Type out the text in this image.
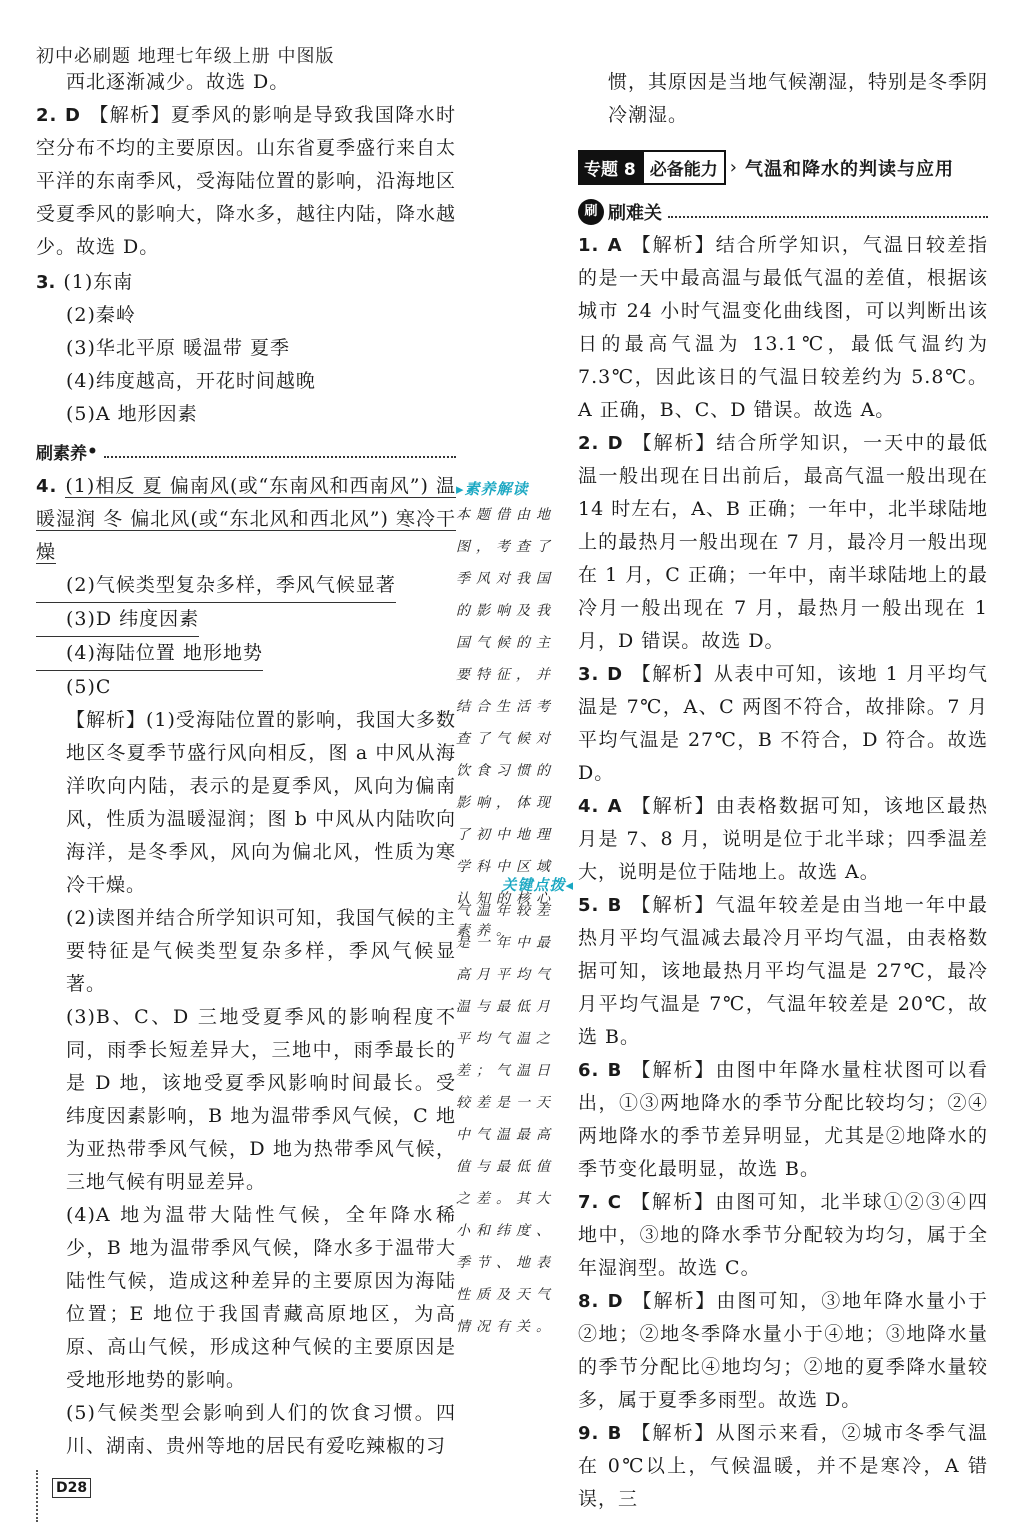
初中必刷题 地理七年级上册 中图版

西北逐渐减少。故选 D。

2. D 【解析】夏季风的影响是导致我国降水时空分布不均的主要原因。山东省夏季盛行来自太平洋的东南季风，受海陆位置的影响，沿海地区受夏季风的影响大，降水多，越往内陆，降水越少。故选 D。

3. (1)东南
(2)秦岭
(3)华北平原 暖温带 夏季
(4)纬度越高，开花时间越晚
(5)A 地形因素
刷素养 •

4. (1)相反 夏 偏南风(或“东南风和西南风”) 温暖湿润 冬 偏北风(或“东北风和西北风”) 寒冷干燥

(2)气候类型复杂多样，季风气候显著
(3)D 纬度因素
(4)海陆位置 地形地势
(5)C

【解析】(1)受海陆位置的影响，我国大多数地区冬夏季节盛行风向相反，图 a 中风从海洋吹向内陆，表示的是夏季风，风向为偏南风，性质为温暖湿润；图 b 中风从内陆吹向海洋，是冬季风，风向为偏北风，性质为寒冷干燥。

(2)读图并结合所学知识可知，我国气候的主要特征是气候类型复杂多样，季风气候显著。

(3)B、C、D 三地受夏季风的影响程度不同，雨季长短差异大，三地中，雨季最长的是 D 地，该地受夏季风影响时间最长。受纬度因素影响，B 地为温带季风气候，C 地为亚热带季风气候，D 地为热带季风气候，三地气候有明显差异。

(4)A 地为温带大陆性气候，全年降水稀少，B 地为温带季风气候，降水多于温带大陆性气候，造成这种差异的主要原因为海陆位置；E 地位于我国青藏高原地区，为高原、高山气候，形成这种气候的主要原因是受地形地势的影响。

(5)气候类型会影响到人们的饮食习惯。四川、湖南、贵州等地的居民有爱吃辣椒的习

▸素养解读

本题借由地图，考查了季风对我国的影响及我国气候的主要特征，并结合生活考查了气候对饮食习惯的影响，体现了初中地理学科中区域认知的核心素养。

关键点拨◂

气温年较差是一年中最高月平均气温与最低月平均气温之差；气温日较差是一天中气温最高值与最低值之差。其大小和纬度、季节、地表性质及天气情况有关。

惯，其原因是当地气候潮湿，特别是冬季阴冷潮湿。

专题 8 必备能力 › 气温和降水的判读与应用
刷 刷难关

1. A 【解析】结合所学知识，气温日较差指的是一天中最高温与最低气温的差值，根据该城市 24 小时气温变化曲线图，可以判断出该日的最高气温为 13.1℃，最低气温约为 7.3℃，因此该日的气温日较差约为 5.8℃。A 正确，B、C、D 错误。故选 A。

2. D 【解析】结合所学知识，一天中的最低温一般出现在日出前后，最高气温一般出现在 14 时左右，A、B 正确；一年中，北半球陆地上的最热月一般出现在 7 月，最冷月一般出现在 1 月，C 正确；一年中，南半球陆地上的最冷月一般出现在 7 月，最热月一般出现在 1 月，D 错误。故选 D。

3. D 【解析】从表中可知，该地 1 月平均气温是 7℃，A、C 两图不符合，故排除。7 月平均气温是 27℃，B 不符合，D 符合。故选 D。

4. A 【解析】由表格数据可知，该地区最热月是 7、8 月，说明是位于北半球；四季温差大，说明是位于陆地上。故选 A。

5. B 【解析】气温年较差是由当地一年中最热月平均气温减去最冷月平均气温，由表格数据可知，该地最热月平均气温是 27℃，最冷月平均气温是 7℃，气温年较差是 20℃，故选 B。

6. B 【解析】由图中年降水量柱状图可以看出，①③两地降水的季节分配比较均匀；②④两地降水的季节差异明显，尤其是②地降水的季节变化最明显，故选 B。

7. C 【解析】由图可知，北半球①②③④四地中，③地的降水季节分配较为均匀，属于全年湿润型。故选 C。

8. D 【解析】由图可知，③地年降水量小于②地；②地冬季降水量小于④地；③地降水量的季节分配比④地均匀；②地的夏季降水量较多，属于夏季多雨型。故选 D。

9. B 【解析】从图示来看，②城市冬季气温在 0℃以上，气候温暖，并不是寒冷，A 错误，三

D28
